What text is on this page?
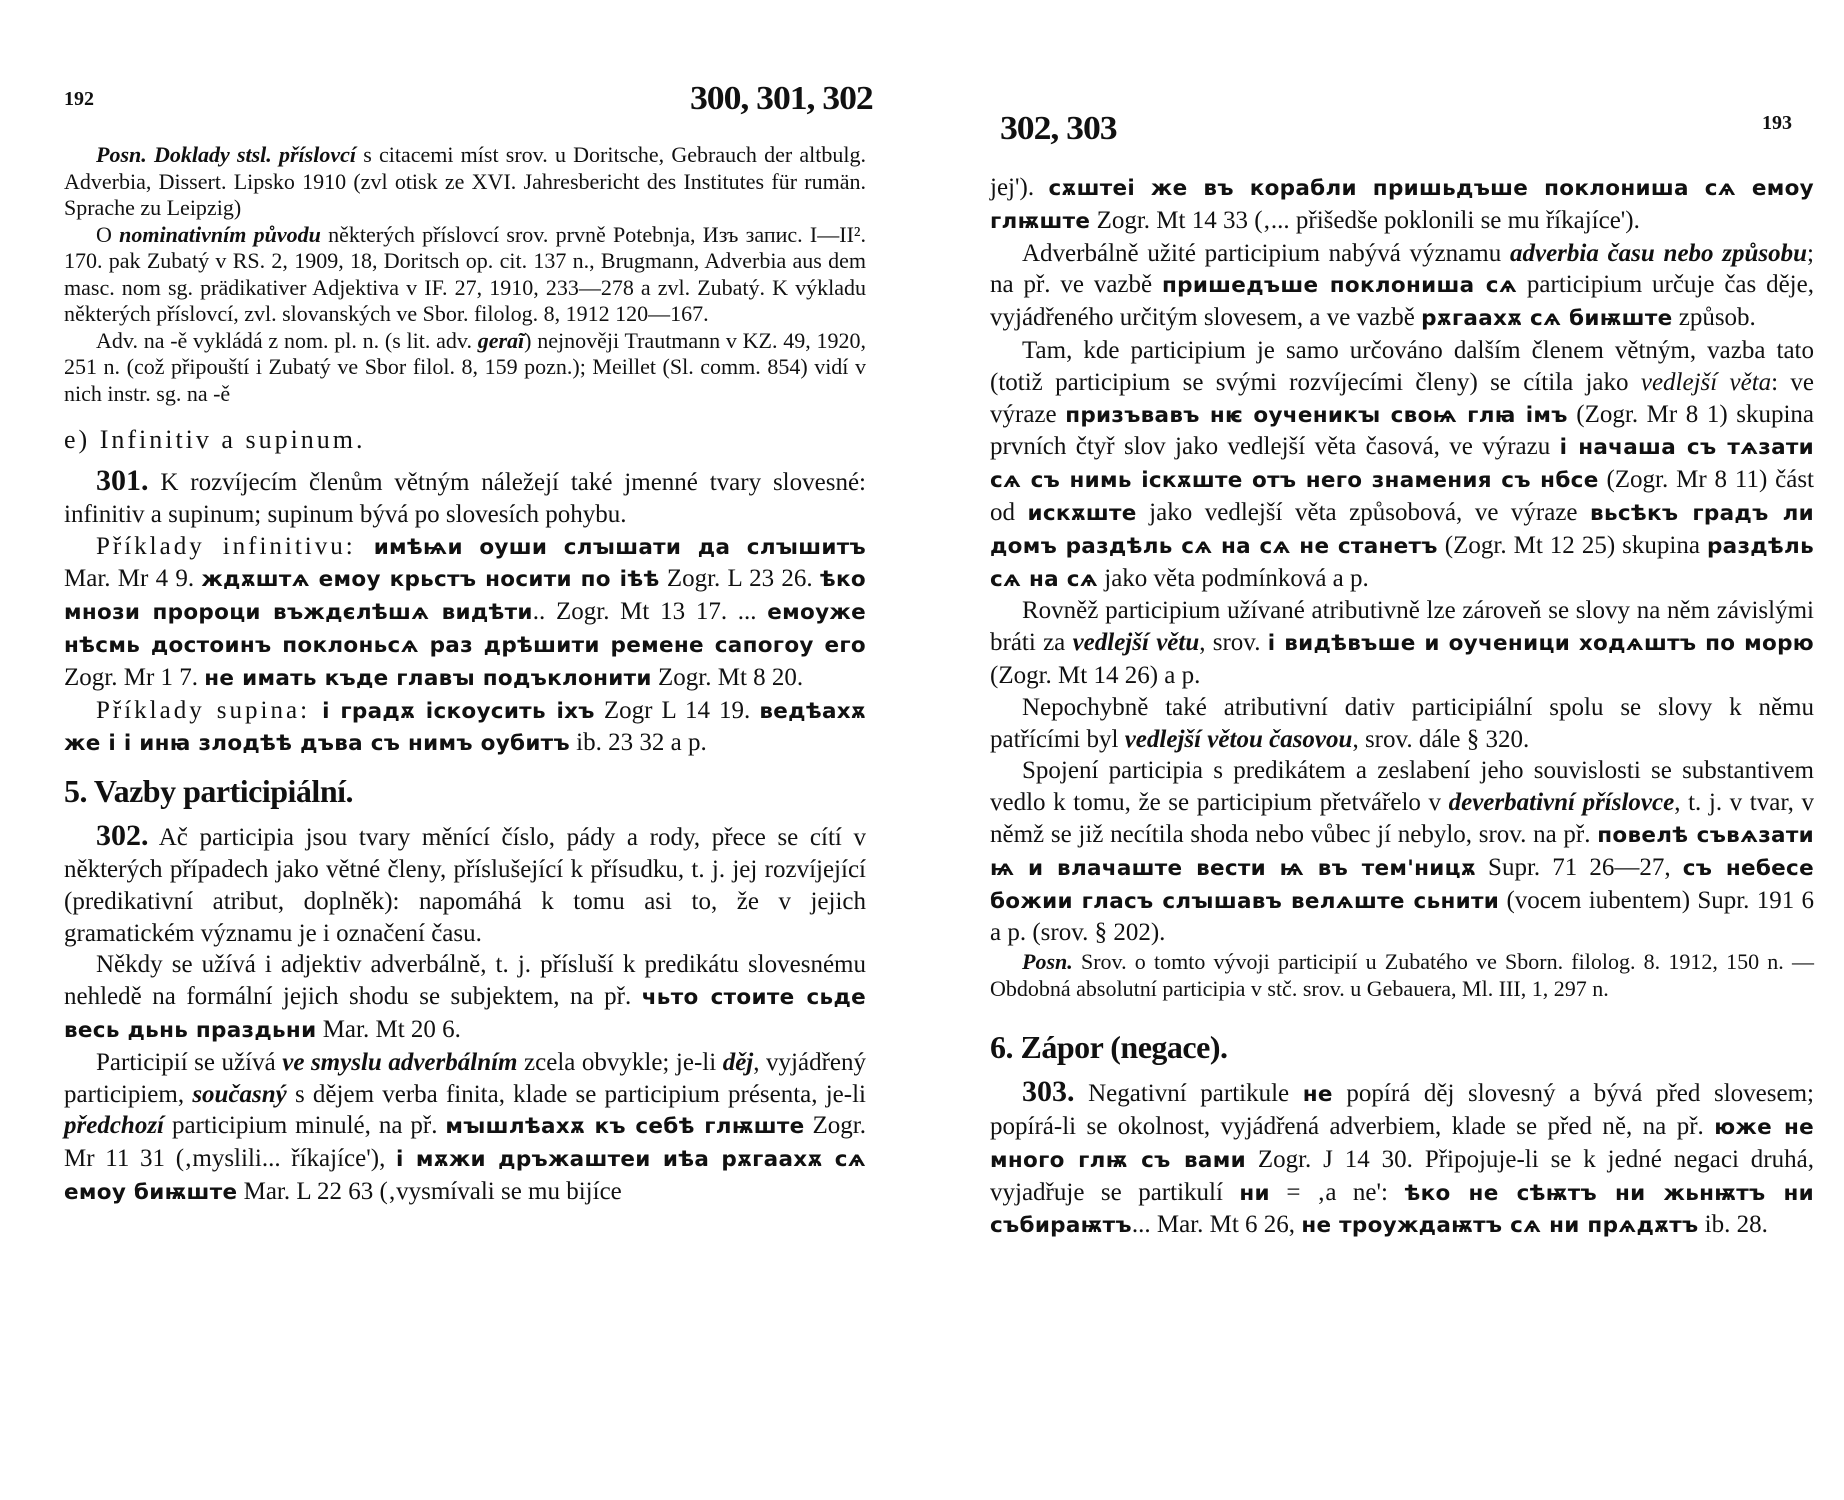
192	300, 301, 302

Posn. Doklady stsl. příslovcí s citacemi míst srov. u Doritsche, Gebrauch der altbulg. Adverbia, Dissert. Lipsko 1910 (zvl otisk ze XVI. Jahresbericht des Institutes für rumän. Sprache zu Leipzig)

O nominativním původu některých příslovcí srov. prvně Potebnja, Изъ запис. I—II². 170. pak Zubatý v RS. 2, 1909, 18, Doritsch op. cit. 137 n., Brugmann, Adverbia aus dem masc. nom sg. prädikativer Adjektiva v IF. 27, 1910, 233—278 a zvl. Zubatý. K výkladu některých příslovcí, zvl. slovanských ve Sbor. filolog. 8, 1912 120—167.

Adv. na -ě vykládá z nom. pl. n. (s lit. adv. geraĩ) nejnověji Trautmann v KZ. 49, 1920, 251 n. (což připouští i Zubatý ve Sbor filol. 8, 159 pozn.); Meillet (Sl. comm. 854) vidí v nich instr. sg. na -ě

e) Infinitiv a supinum.

301. K rozvíjecím členům větným náležejí také jmenné tvary slovesné: infinitiv a supinum; supinum bývá po slovesích pohybu.

Příklady infinitivu: имѣѩи оуши слꙑшати да слꙑшитъ Mar. Mr 4 9. ждѫштѧ емоу крьстъ носити по іѣѣ Zogr. L 23 26. ѣко мнози пророци въждєлѣшѧ видѣти.. Zogr. Mt 13 17. ... емоуже нѣсмь достоинъ поклоньсѧ раз дрѣшити ремене сапогоу его Zogr. Mr 1 7. не имать къде главꙑ подъклонити Zogr. Mt 8 20.

Příklady supina: і градѫ іскоусить іхъ Zogr L 14 19. ведѣахѫ же і і инꙗ злодѣѣ дъва съ нимъ оубитъ ib. 23 32 a p.

5. Vazby participiální.

302. Ač participia jsou tvary měnící číslo, pády a rody, přece se cítí v některých případech jako větné členy, příslušející k přísudku, t. j. jej rozvíjející (predikativní atribut, doplněk): napomáhá k tomu asi to, že v jejich gramatickém významu je i označení času.

Někdy se užívá i adjektiv adverbálně, t. j. přísluší k predikátu slovesnému nehledě na formální jejich shodu se subjektem, na př. чьто стоите сьде весь дьнь праздьни Mar. Mt 20 6.

Participií se užívá ve smyslu adverbálním zcela obvykle; je-li děj, vyjádřený participiem, současný s dějem verba finita, klade se participium présenta, je-li předchozí participium minulé, na př. мꙑшлѣахѫ къ себѣ глѭште Zogr. Mr 11 31 (‚myslili... říkajíce'), і мѫжи дръжаштеи иѣа рѫгаахѫ сѧ емоу биѭште Mar. L 22 63 (‚vysmívali se mu bijíce

193
302, 303

jej'). сѫштеі же въ корабли пришьдъше поклониша сѧ емоу глѭште Zogr. Mt 14 33 (‚... přišedše poklonili se mu říkajíce').

Adverbálně užité participium nabývá významu adverbia času nebo způsobu; na př. ve vazbě пришедъше поклониша сѧ participium určuje čas děje, vyjádřeného určitým slovesem, a ve vazbě рѫгаахѫ сѧ биѭште způsob.

Tam, kde participium je samo určováno dalším členem větným, vazba tato (totiž participium se svými rozvíjecími členy) se cítila jako vedlejší věta: ve výraze призъвавъ нѥ оученикꙑ своѩ глꙗ імъ (Zogr. Mr 8 1) skupina prvních čtyř slov jako vedlejší věta časová, ve výrazu і начаша съ тѧзати сѧ съ нимь іскѫште отъ него знамения съ нбсе (Zogr. Mr 8 11) část od искѫште jako vedlejší věta způsobová, ve výraze вьсѣкъ градъ ли домъ раздѣль сѧ на сѧ не станетъ (Zogr. Mt 12 25) skupina раздѣль сѧ на сѧ jako věta podmínková a p.

Rovněž participium užívané atributivně lze zároveň se slovy na něm závislými bráti za vedlejší větu, srov. і видѣвъше и оученици ходѧштъ по морю (Zogr. Mt 14 26) a p.

Nepochybně také atributivní dativ participiální spolu se slovy k němu patřícími byl vedlejší větou časovou, srov. dále § 320.

Spojení participia s predikátem a zeslabení jeho souvislosti se substantivem vedlo k tomu, že se participium přetvářelo v deverbativní příslovce, t. j. v tvar, v němž se již necítila shoda nebo vůbec jí nebylo, srov. na př. повелѣ съвѧзати ѩ и влачаште вести ѩ въ тем'ницѫ Supr. 71 26—27, съ небесе божии гласъ слꙑшавъ велѧште сьнити (vocem iubentem) Supr. 191 6 a p. (srov. § 202).

Posn. Srov. o tomto vývoji participií u Zubatého ve Sborn. filolog. 8. 1912, 150 n. — Obdobná absolutní participia v stč. srov. u Gebauera, Ml. III, 1, 297 n.

6. Zápor (negace).

303. Negativní partikule не popírá děj slovesný a bývá před slovesem; popírá-li se okolnost, vyjádřená adverbiem, klade se před ně, na př. юже не много глѭ съ вами Zogr. J 14 30. Připojuje-li se k jedné negaci druhá, vyjadřuje se partikulí ни = ‚a ne': ѣко не сѣѭтъ ни жьнѭтъ ни събираѭтъ... Mar. Mt 6 26, не троуждаѭтъ сѧ ни прѧдѫтъ ib. 28.
